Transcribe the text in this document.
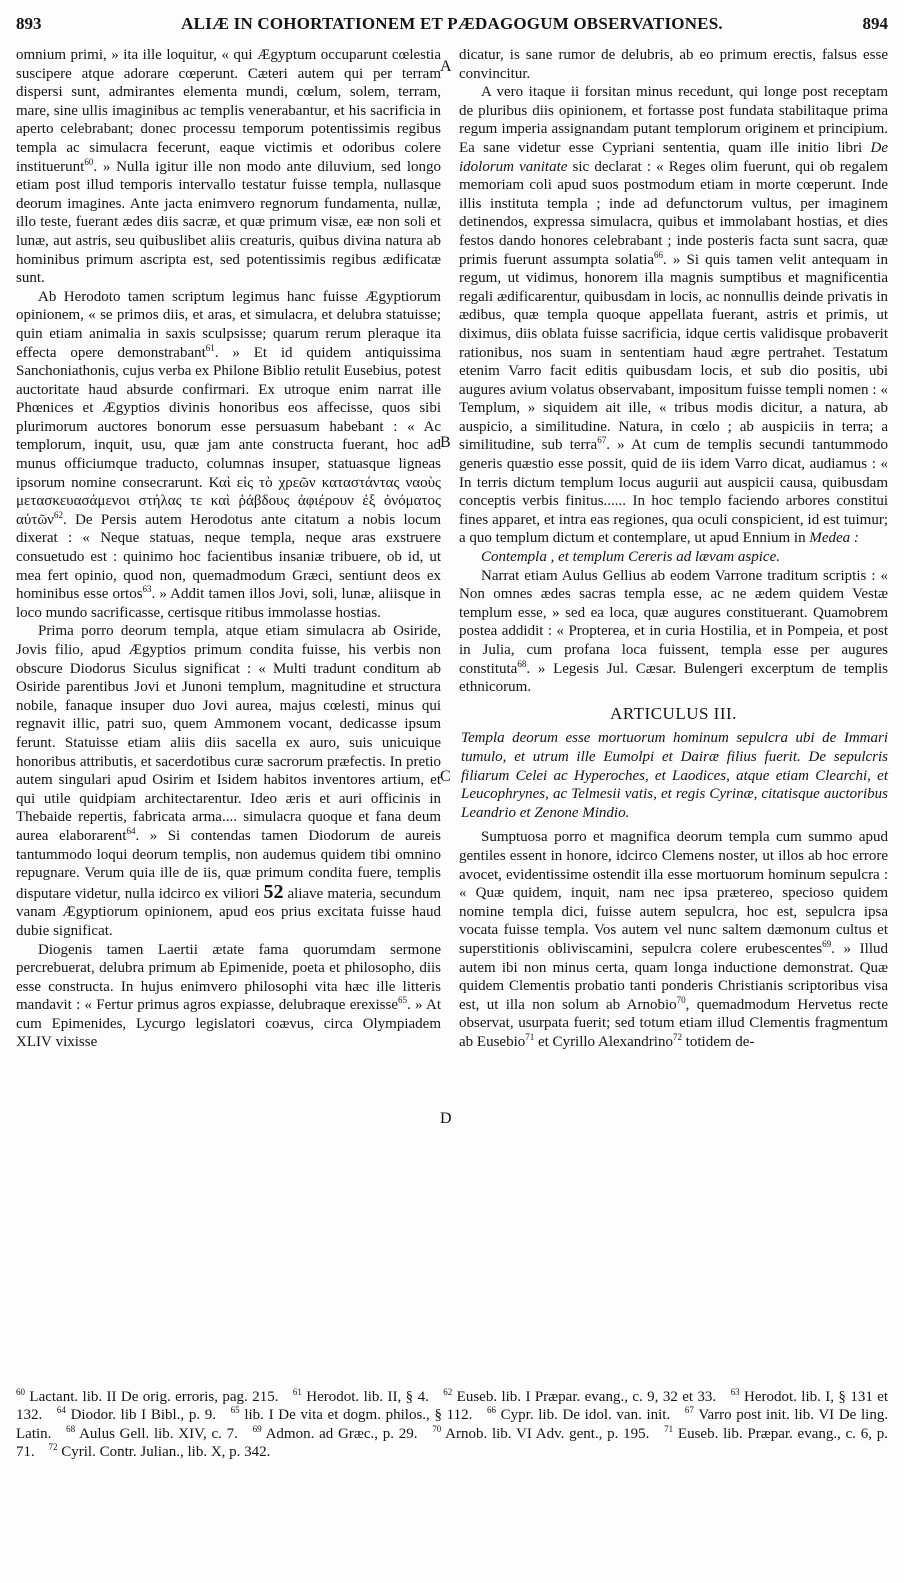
893	ALIÆ IN COHORTATIONEM ET PÆDAGOGUM OBSERVATIONES.	894
A
B
C
D

omnium primi, » ita ille loquitur, « qui Ægyptum occuparunt cœlestia suscipere atque adorare cœperunt. Cæteri autem qui per terram dispersi sunt, admirantes elementa mundi, cœlum, solem, terram, mare, sine ullis imaginibus ac templis venerabantur, et his sacrificia in aperto celebrabant; donec processu temporum potentissimis regibus templa ac simulacra fecerunt, eaque victimis et odoribus colere instituerunt$^{60}$. » Nulla igitur ille non modo ante diluvium, sed longo etiam post illud temporis intervallo testatur fuisse templa, nullasque deorum imagines. Ante jacta enimvero regnorum fundamenta, nullæ, illo teste, fuerant ædes diis sacræ, et quæ primum visæ, eæ non soli et lunæ, aut astris, seu quibuslibet aliis creaturis, quibus divina natura ab hominibus primum ascripta est, sed potentissimis regibus ædificatæ sunt.

Ab Herodoto tamen scriptum legimus hanc fuisse Ægyptiorum opinionem, « se primos diis, et aras, et simulacra, et delubra statuisse; quin etiam animalia in saxis sculpsisse; quarum rerum pleraque ita effecta opere demonstrabant$^{61}$. » Et id quidem antiquissima Sanchoniathonis, cujus verba ex Philone Biblio retulit Eusebius, potest auctoritate haud absurde confirmari. Ex utroque enim narrat ille Phœnices et Ægyptios divinis honoribus eos affecisse, quos sibi plurimorum auctores bonorum esse persuasum habebant : « Ac templorum, inquit, usu, quæ jam ante constructa fuerant, hoc ad munus officiumque traducto, columnas insuper, statuasque ligneas ipsorum nomine consecrarunt. Καὶ εἰς τὸ χρεῶν καταστάντας ναοὺς μετασκευασάμενοι στήλας τε καὶ ῥάβδους ἀφιέρουν ἐξ ὀνόματος αὐτῶν$^{62}$. De Persis autem Herodotus ante citatum a nobis locum dixerat : « Neque statuas, neque templa, neque aras exstruere consuetudo est : quinimo hoc facientibus insaniæ tribuere, ob id, ut mea fert opinio, quod non, quemadmodum Græci, sentiunt deos ex hominibus esse ortos$^{63}$. » Addit tamen illos Jovi, soli, lunæ, aliisque in loco mundo sacrificasse, certisque ritibus immolasse hostias.

Prima porro deorum templa, atque etiam simulacra ab Osiride, Jovis filio, apud Ægyptios primum condita fuisse, his verbis non obscure Diodorus Siculus significat : « Multi tradunt conditum ab Osiride parentibus Jovi et Junoni templum, magnitudine et structura nobile, fanaque insuper duo Jovi aurea, majus cœlesti, minus qui regnavit illic, patri suo, quem Ammonem vocant, dedicasse ipsum ferunt. Statuisse etiam aliis diis sacella ex auro, suis unicuique honoribus attributis, et sacerdotibus curæ sacrorum præfectis. In pretio autem singulari apud Osirim et Isidem habitos inventores artium, et qui utile quidpiam architectarentur. Ideo æris et auri officinis in Thebaide repertis, fabricata arma.... simulacra quoque et fana deum aurea elaborarent$^{64}$. » Si contendas tamen Diodorum de aureis tantummodo loqui deorum templis, non audemus quidem tibi omnino repugnare. Verum quia ille de iis, quæ primum condita fuere, templis disputare videtur, nulla idcirco ex viliori 52 aliave materia, secundum vanam Ægyptiorum opinionem, apud eos prius excitata fuisse haud dubie significat.

Diogenis tamen Laertii ætate fama quorumdam sermone percrebuerat, delubra primum ab Epimenide, poeta et philosopho, diis esse constructa. In hujus enimvero philosophi vita hæc ille litteris mandavit : « Fertur primus agros expiasse, delubraque erexisse$^{65}$. » At cum Epimenides, Lycurgo legislatori coævus, circa Olympiadem XLIV vixisse

dicatur, is sane rumor de delubris, ab eo primum erectis, falsus esse convincitur.

A vero itaque ii forsitan minus recedunt, qui longe post receptam de pluribus diis opinionem, et fortasse post fundata stabilitaque prima regum imperia assignandam putant templorum originem et principium. Ea sane videtur esse Cypriani sententia, quam ille initio libri De idolorum vanitate sic declarat : « Reges olim fuerunt, qui ob regalem memoriam coli apud suos postmodum etiam in morte cœperunt. Inde illis instituta templa ; inde ad defunctorum vultus, per imaginem detinendos, expressa simulacra, quibus et immolabant hostias, et dies festos dando honores celebrabant ; inde posteris facta sunt sacra, quæ primis fuerunt assumpta solatia$^{66}$. » Si quis tamen velit antequam in regum, ut vidimus, honorem illa magnis sumptibus et magnificentia regali ædificarentur, quibusdam in locis, ac nonnullis deinde privatis in ædibus, quæ templa quoque appellata fuerant, astris et primis, ut diximus, diis oblata fuisse sacrificia, idque certis validisque probaverit rationibus, nos suam in sententiam haud ægre pertrahet. Testatum etenim Varro facit editis quibusdam locis, et sub dio positis, ubi augures avium volatus observabant, impositum fuisse templi nomen : « Templum, » siquidem ait ille, « tribus modis dicitur, a natura, ab auspicio, a similitudine. Natura, in cœlo ; ab auspiciis in terra; a similitudine, sub terra$^{67}$. » At cum de templis secundi tantummodo generis quæstio esse possit, quid de iis idem Varro dicat, audiamus : « In terris dictum templum locus augurii aut auspicii causa, quibusdam conceptis verbis finitus...... In hoc templo faciendo arbores constitui fines apparet, et intra eas regiones, qua oculi conspicient, id est tuimur; a quo templum dictum et contemplare, ut apud Ennium in Medea :

Contempla , et templum Cereris ad lævam aspice.

Narrat etiam Aulus Gellius ab eodem Varrone traditum scriptis : « Non omnes ædes sacras templa esse, ac ne ædem quidem Vestæ templum esse, » sed ea loca, quæ augures constituerant. Quamobrem postea addidit : « Propterea, et in curia Hostilia, et in Pompeia, et post in Julia, cum profana loca fuissent, templa esse per augures constituta$^{68}$. » Legesis Jul. Cæsar. Bulengeri excerptum de templis ethnicorum.

ARTICULUS III.

Templa deorum esse mortuorum hominum sepulcra ubi de Immari tumulo, et utrum ille Eumolpi et Dairæ filius fuerit. De sepulcris filiarum Celei ac Hyperoches, et Laodices, atque etiam Clearchi, et Leucophrynes, ac Telmesii vatis, et regis Cyrinæ, citatisque auctoribus Leandrio et Zenone Mindio.

Sumptuosa porro et magnifica deorum templa cum summo apud gentiles essent in honore, idcirco Clemens noster, ut illos ab hoc errore avocet, evidentissime ostendit illa esse mortuorum hominum sepulcra : « Quæ quidem, inquit, nam nec ipsa prætereo, specioso quidem nomine templa dici, fuisse autem sepulcra, hoc est, sepulcra ipsa vocata fuisse templa. Vos autem vel nunc saltem dæmonum cultus et superstitionis obliviscamini, sepulcra colere erubescentes$^{69}$. » Illud autem ibi non minus certa, quam longa inductione demonstrat. Quæ quidem Clementis probatio tanti ponderis Christianis scriptoribus visa est, ut illa non solum ab Arnobio$^{70}$, quemadmodum Hervetus recte observat, usurpata fuerit; sed totum etiam illud Clementis fragmentum ab Eusebio$^{71}$ et Cyrillo Alexandrino$^{72}$ totidem de-

$^{60}$ Lactant. lib. II De orig. erroris, pag. 215. $^{61}$ Herodot. lib. II, § 4. $^{62}$ Euseb. lib. I Præpar. evang., c. 9, 32 et 33. $^{63}$ Herodot. lib. I, § 131 et 132. $^{64}$ Diodor. lib I Bibl., p. 9. $^{65}$ lib. I De vita et dogm. philos., § 112. $^{66}$ Cypr. lib. De idol. van. init. $^{67}$ Varro post init. lib. VI De ling. Latin. $^{68}$ Aulus Gell. lib. XIV, c. 7. $^{69}$ Admon. ad Græc., p. 29. $^{70}$ Arnob. lib. VI Adv. gent., p. 195. $^{71}$ Euseb. lib. Præpar. evang., c. 6, p. 71. $^{72}$ Cyril. Contr. Julian., lib. X, p. 342.
